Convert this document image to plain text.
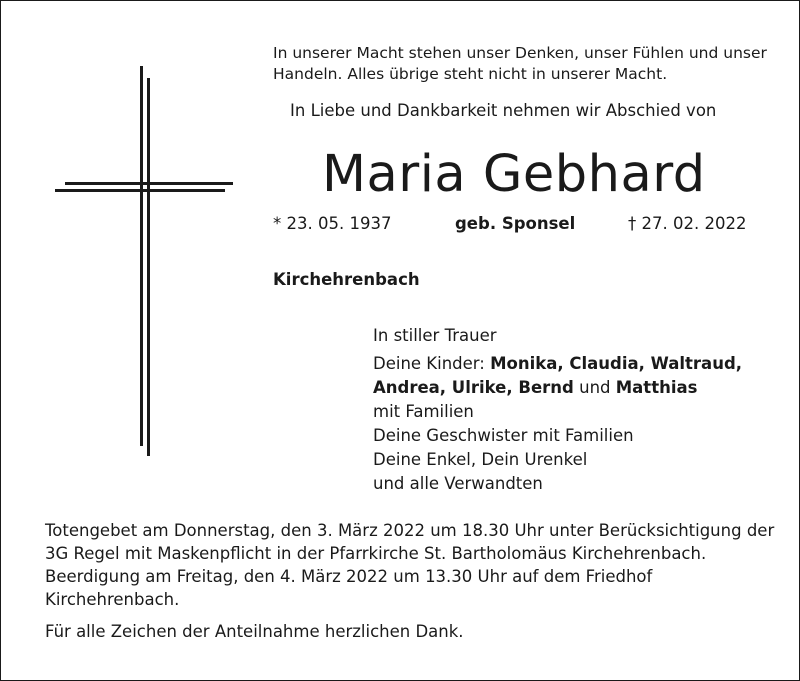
In unserer Macht stehen unser Denken, unser Fühlen und unser Handeln. Alles übrige steht nicht in unserer Macht.
In Liebe und Dankbarkeit nehmen wir Abschied von
Maria Gebhard
* 23. 05. 1937	geb. Sponsel	† 27. 02. 2022
Kirchehrenbach
In stiller Trauer
Deine Kinder: Monika, Claudia, Waltraud,
Andrea, Ulrike, Bernd und Matthias
mit Familien
Deine Geschwister mit Familien
Deine Enkel, Dein Urenkel
und alle Verwandten
Totengebet am Donnerstag, den 3. März 2022 um 18.30 Uhr unter Berücksichtigung der 3G Regel mit Maskenpflicht in der Pfarrkirche St. Bartholomäus Kirchehrenbach. Beerdigung am Freitag, den 4. März 2022 um 13.30 Uhr auf dem Friedhof Kirchehrenbach.
Für alle Zeichen der Anteilnahme herzlichen Dank.
